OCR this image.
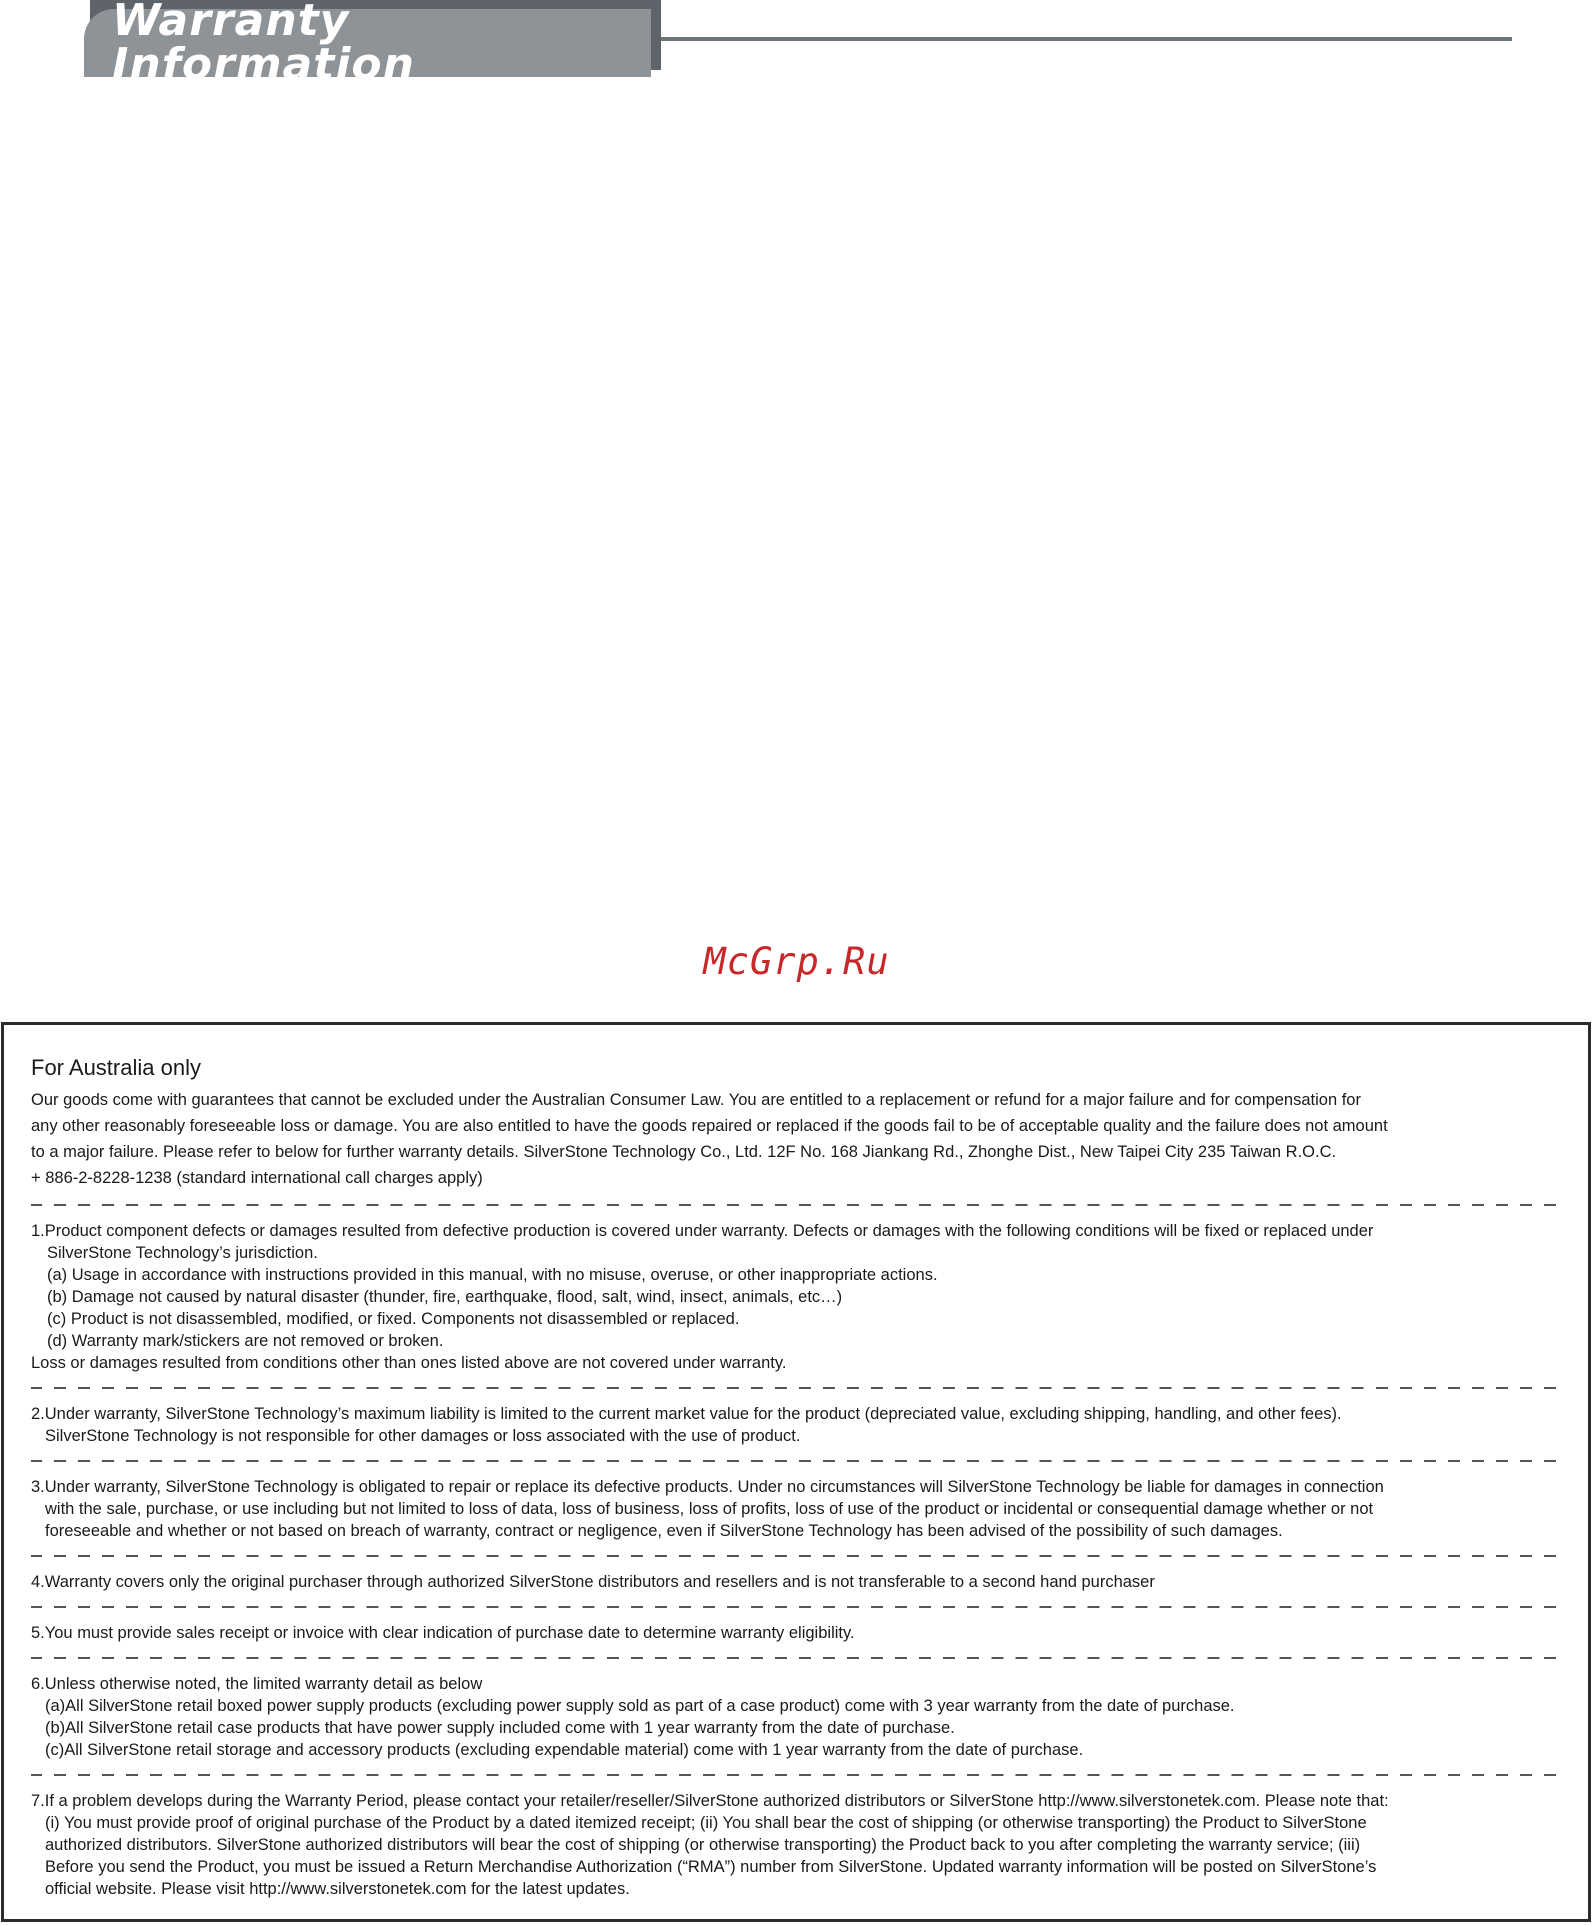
Warranty Information
McGrp.Ru
For Australia only
Our goods come with guarantees that cannot be excluded under the Australian Consumer Law. You are entitled to a replacement or refund for a major failure and for compensation for
any other reasonably foreseeable loss or damage. You are also entitled to have the goods repaired or replaced if the goods fail to be of acceptable quality and the failure does not amount
to a major failure. Please refer to below for further warranty details. SilverStone Technology Co., Ltd. 12F No. 168 Jiankang Rd., Zhonghe Dist., New Taipei City 235 Taiwan R.O.C.
+ 886-2-8228-1238 (standard international call charges apply)

1.Product component defects or damages resulted from defective production is covered under warranty. Defects or damages with the following conditions will be fixed or replaced under

SilverStone Technology’s jurisdiction.

(a) Usage in accordance with instructions provided in this manual, with no misuse, overuse, or other inappropriate actions.

(b) Damage not caused by natural disaster (thunder, fire, earthquake, flood, salt, wind, insect, animals, etc…)

(c) Product is not disassembled, modified, or fixed. Components not disassembled or replaced.

(d) Warranty mark/stickers are not removed or broken.

Loss or damages resulted from conditions other than ones listed above are not covered under warranty.

2.Under warranty, SilverStone Technology’s maximum liability is limited to the current market value for the product (depreciated value, excluding shipping, handling, and other fees).

SilverStone Technology is not responsible for other damages or loss associated with the use of product.

3.Under warranty, SilverStone Technology is obligated to repair or replace its defective products. Under no circumstances will SilverStone Technology be liable for damages in connection

with the sale, purchase, or use including but not limited to loss of data, loss of business, loss of profits, loss of use of the product or incidental or consequential damage whether or not

foreseeable and whether or not based on breach of warranty, contract or negligence, even if SilverStone Technology has been advised of the possibility of such damages.

4.Warranty covers only the original purchaser through authorized SilverStone distributors and resellers and is not transferable to a second hand purchaser

5.You must provide sales receipt or invoice with clear indication of purchase date to determine warranty eligibility.

6.Unless otherwise noted, the limited warranty detail as below

(a)All SilverStone retail boxed power supply products (excluding power supply sold as part of a case product) come with 3 year warranty from the date of purchase.

(b)All SilverStone retail case products that have power supply included come with 1 year warranty from the date of purchase.

(c)All SilverStone retail storage and accessory products (excluding expendable material) come with 1 year warranty from the date of purchase.

7.If a problem develops during the Warranty Period, please contact your retailer/reseller/SilverStone authorized distributors or SilverStone http://www.silverstonetek.com. Please note that:

(i) You must provide proof of original purchase of the Product by a dated itemized receipt; (ii) You shall bear the cost of shipping (or otherwise transporting) the Product to SilverStone

authorized distributors. SilverStone authorized distributors will bear the cost of shipping (or otherwise transporting) the Product back to you after completing the warranty service; (iii)

Before you send the Product, you must be issued a Return Merchandise Authorization (“RMA”) number from SilverStone. Updated warranty information will be posted on SilverStone’s

official website. Please visit http://www.silverstonetek.com for the latest updates.
